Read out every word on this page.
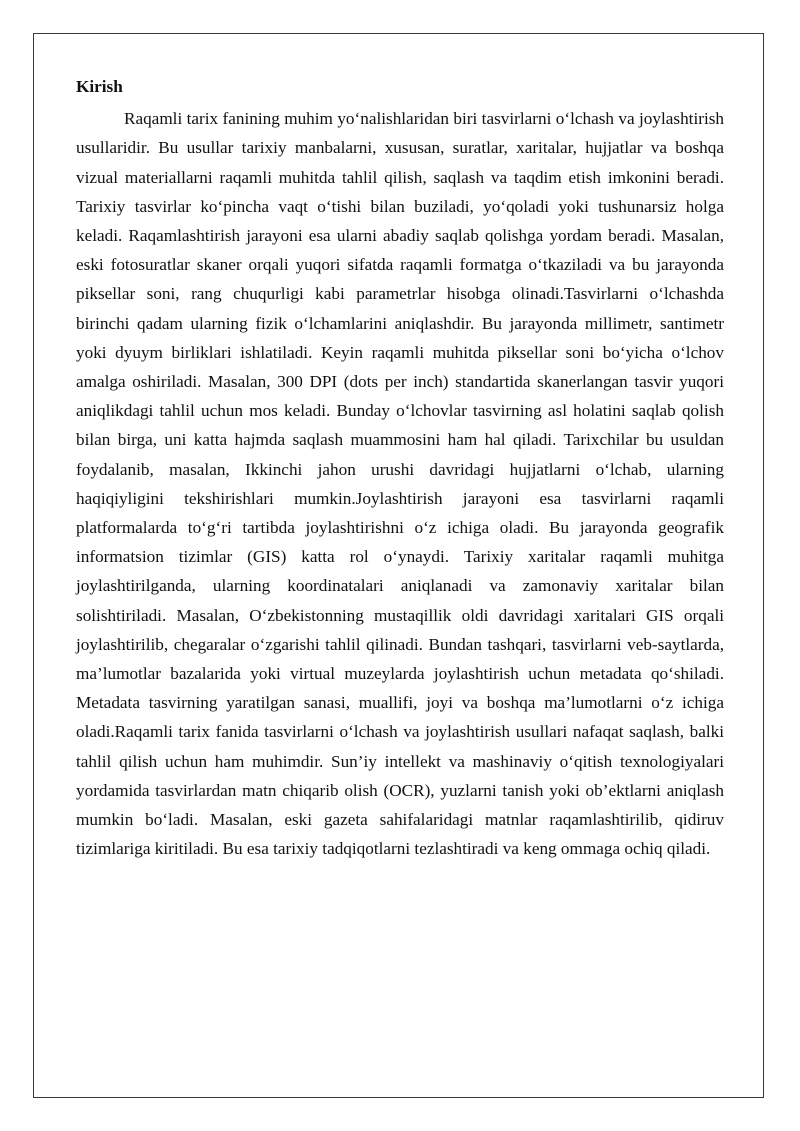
Kirish

Raqamli tarix fanining muhim yo‘nalishlaridan biri tasvirlarni o‘lchash va joylashtirish usullaridir. Bu usullar tarixiy manbalarni, xususan, suratlar, xaritalar, hujjatlar va boshqa vizual materiallarni raqamli muhitda tahlil qilish, saqlash va taqdim etish imkonini beradi. Tarixiy tasvirlar ko‘pincha vaqt o‘tishi bilan buziladi, yo‘qoladi yoki tushunarsiz holga keladi. Raqamlashtirish jarayoni esa ularni abadiy saqlab qolishga yordam beradi. Masalan, eski fotosuratlar skaner orqali yuqori sifatda raqamli formatga o‘tkaziladi va bu jarayonda piksellar soni, rang chuqurligi kabi parametrlar hisobga olinadi.Tasvirlarni o‘lchashda birinchi qadam ularning fizik o‘lchamlarini aniqlashdir. Bu jarayonda millimetr, santimetr yoki dyuym birliklari ishlatiladi. Keyin raqamli muhitda piksellar soni bo‘yicha o‘lchov amalga oshiriladi. Masalan, 300 DPI (dots per inch) standartida skanerlangan tasvir yuqori aniqlikdagi tahlil uchun mos keladi. Bunday o‘lchovlar tasvirning asl holatini saqlab qolish bilan birga, uni katta hajmda saqlash muammosini ham hal qiladi. Tarixchilar bu usuldan foydalanib, masalan, Ikkinchi jahon urushi davridagi hujjatlarni o‘lchab, ularning haqiqiyligini tekshirishlari mumkin.Joylashtirish jarayoni esa tasvirlarni raqamli platformalarda to‘g‘ri tartibda joylashtirishni o‘z ichiga oladi. Bu jarayonda geografik informatsion tizimlar (GIS) katta rol o‘ynaydi. Tarixiy xaritalar raqamli muhitga joylashtirilganda, ularning koordinatalari aniqlanadi va zamonaviy xaritalar bilan solishtiriladi. Masalan, O‘zbekistonning mustaqillik oldi davridagi xaritalari GIS orqali joylashtirilib, chegaralar o‘zgarishi tahlil qilinadi. Bundan tashqari, tasvirlarni veb-saytlarda, ma’lumotlar bazalarida yoki virtual muzeylarda joylashtirish uchun metadata qo‘shiladi. Metadata tasvirning yaratilgan sanasi, muallifi, joyi va boshqa ma’lumotlarni o‘z ichiga oladi.Raqamli tarix fanida tasvirlarni o‘lchash va joylashtirish usullari nafaqat saqlash, balki tahlil qilish uchun ham muhimdir. Sun’iy intellekt va mashinaviy o‘qitish texnologiyalari yordamida tasvirlardan matn chiqarib olish (OCR), yuzlarni tanish yoki ob’ektlarni aniqlash mumkin bo‘ladi. Masalan, eski gazeta sahifalaridagi matnlar raqamlashtirilib, qidiruv tizimlariga kiritiladi. Bu esa tarixiy tadqiqotlarni tezlashtiradi va keng ommaga ochiq qiladi.
